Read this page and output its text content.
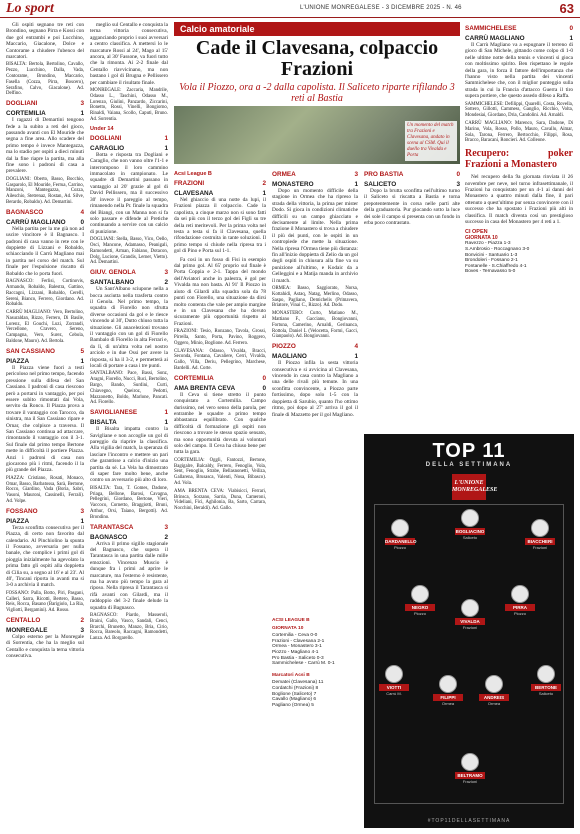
Lo sport	L'UNIONE MONREGALESE - 3 DICEMBRE 2025 - N. 46	63

Gli ospiti segnano tre reti con Brondino, segnano Pirra e Kossi con due gol entrambi e poi Lucchino, Maccario, Giacalone, Dolce e Contorame a chiudere l'ubenco del marcatori.

BISALTA: Bertola, Bertolino, Cavallo, Pezzo, Lucchino, Dalla, Vada, Contorame, Brondino, Maccario, Fasella (Cozza, Pirra, Boscero), Serafino, Calvo, Giacalone). Ad. Delfino.

DOGLIANI	3
CORTEMILIA	1

I ragazzi di Demartini tengono fede a la subito a reti del gioco, passando avanti con El Mouride che segna a fine area. Allo scadere del primo tempo è invece Mantegazza, ma lo stadio per ospiti a dieci minuti dal la fine riapre la partita, ma alla fine sono i padroni di casa a prevalere.

DOGLIANI: Oberto, Basso, Bocchio, Gasparolo, El Mouride, Ferrua, Carrino, Manzoni, Mantegazza, Cozza, Aileschio, Stetrenaz, Rostan, Ad. Silve, Berardo, Robaldo). Ad. Demartini.

BAGNASCO	4
CARRÙ MAGLIANO 0

Nella partita per la me già non ad uscire vincitore è il Bagnasco. I padroni di casa vanno in rete con le doppiette di Lizzani e Robaldo, schiacciando il Carrù Magliano mai in partita nel corso del match. Sul finale per l'espulsione riscatto di Robaldo che lo porta fuori.

BAGNASCO: Ferlisi, Cortinovis, Armando, Robaldo, Balestra, Gattino, Raccagni, Lizzani, Robaldo, Cerelli, Sereni, Bianco, Ferrero, Giordano. Ad. Robaldo.

CARRÙ MAGLIANO: Vero, Bertolino, Nasuraldan, Rizzo, Ferrero, Di Basile, Lorenz, El Gouchi, Luzi, Zorrandi, Vercellone, Cravero, Sereno, Campagna, Vero, Surez, Cebola, Baldone, Mauro). Ad. Bertola.

SAN CASSIANO	5
PIAZZA	1

Il Piazza viene fuori a testi pericoloso nel primo tempo, facendo pressione sulla difesa del San Cassiano. I padroni di casa riescono però a portarsi in vantaggio, per poi essere subito rimontati dai Vola, servito da Ronco. Il Piazza prova a trovare il vantaggio con Tarocco, da sinistra, ma il San Cassiano ripare e Ornar, che colpisce a traverso. Il San Cassiano continua ad attaccare, rimontando il vantaggio con il 3-1. Sul finale dal primo tempo Bertone mette in difficoltà il portiere Piazza. Anzi i padroni di casa non giocarono più i ritmi, facendo il la più grande del Piazza.

PIAZZA: Cristiano, Rosati, Monaco, Omar, Basso, Barbatossa, Sarà, Bertone, Rocco, Giardino, Vada (Boria, Sabri, Vasoni, Mauroni, Cassinelli, Ferrali). Ad. Volpe.

FOSSANO	3
PIAZZA	1

Terza sconfitta consecutiva per il Piazza, di certo non favorito dal calendario. Al Pinchiolino la spunta il Fossano, avversaria per nulla banale, che complice i primi gol di pioggia inizialmente ha agevolato la prima fatto gli ospiti alla doppietta di Cilia su, a segno al 16' e al 23'. Al 40', Tincani riporta in avanti ma si 3-0 a archivia il match.

FOSSANO: Palla, Botto, Piri, Pasgani, Calleri, Sarra, Ricotti, Bertero, Basso, Reis, Rocca, Basano (Barigiolo, La Ria, Vigliotti, Bergamini). Ad. Rosso.

CENTALLO	2
MONREGALE	3

Colpo esterno per la Monregale di Sorrentia, che ha la meglio sul Centallo e conquista la terna vittoria consecutiva.

meglio sul Centallo e conquista la terna vittoria consecutiva, agganciando proprio i suoi avversari a centro classifica. A mettersi lo le marcature Rossi al 24', Mago al 15' ancora, al 30' Fassone, va fuori tutto che la rimonta. Ai 2-2 finale dal Centallo riavvicinano, ma non bastano i gol di Brugna e Pellissero per cambiare il risultato finale.

MONREGALE: Zaccaria, Mandrile, Odasso L., Taschini, Odasso M., Lorenzo, Giulini, Panzardo, Ziccarini, Bonetto, Rossi, Vinelli, Bongiorno, Rinaldi, Vaiana, Scollo, Caputi, Bruno. Ad. Sorrentia.

Under 14
DOGLIANI	1
CARAGLIO	1

Botta e risposta tra Dogliani e Caraglio, che non vanno oltre l'1-1 e interrompono il loro cammino immacolato in campionato. Le squadre di Demartini passano in vantaggio al 20' grazie al gol di David Pellissero, ma il successivo 30' invece il pareggio al tempo, rimanendo nella Pr. finale la squadra del Biangi, con un Manna non si fa solo passare e difende al Pretiche continuando a servire con un calcio di punizione.

DOGLIANI: Stella, Basso, Vico, Oello, Osci, Mancone, Adamasso, Peanigali, Ramondetti, Arman, Fabiano, Dotacon, Dolg, Lucione, Grandis, Lerner, Vietto). Ad. Demartini.

GIUV. GENOLA	3
SANTALBANO	2

Un Sant'Albano sciupone nella a bocca asciutta nella trasferta contro il Genola. Nel primo tempo, la squadra di Fiorello non sfrutta diverse occasioni da gol e le riesce vincendo al 30', Dutto chiuso tutta la situazione. Gli anacelezioni trovano il vantaggio con un gol di Fiorello Bambalo di Fiorello in alta Ferrari e, da lì, di un'altra volta nel nostro arciolo e in due Ossi per avere la risposta, si ha il 3-2, e permetterà ai locali di portare a casa i tre punti.

SANTALBANO: Pace, Bassi, Sonz, Aragni, Fiorello, Nucci, Ruci, Bertolino, Bargo, Bando, Surdini, Curti, Chiavegno, Queiroz, Pedotti, Mazzonetto, Boldo, Marlone, Pancati. Ad. Fiorello.

SAVIGLIANESE	1
BISALTA	1

Il Bisalta impatta contro la Savigliane e non accoglie un gol di pareggio da riaprire la classifica. Alla vigilia del match, la speranza di lasciare l'incontro e mettere un pari che garantisse a calcio d'inizio una partita da sé. La Vela ha dimostrato di saper fare molto bene, anche contro un avversario più alto di loro.

BISALTA: Tara, T. Gomes, Dadone, Priaga, Bellone, Barosi, Cavagna, Pellegrini, Giordano, Bertone, Vieri, Vaccoco, Cornetto, Braggiotti, Bruni, Arthur, Orsi, Taiano, Bergotti). Ad. Brondino.

TARANTASCA	3
BAGNASCO	2

Arriva il primo sigillo stagionale del Bagnasco, che supera il Tarantasca in una partita dalle mille emozioni. Vincenzo Muscio è dunque fra i primi ad aprire le marcature, ma l'esterno è resistente, ma ha avuto più tempo la gara al riposo. Nella ripresa il Tarantasca si rifà avanti con Gilardi, ma il raddoppio del 3-2 finale delude la squadra di Bagnasco.

BAGNASCO: Piardo, Masseroli, Braini, Gallo, Vasco, Sandali, Cenci, Brarchi, Brunetto, Manzo, Bria, Cirio, Rocca, Bareolo, Raccagni, Ramondetti, Lanza. Ad. Borgarello.

Calcio amatoriale
Cade il Clavesana, colpaccio Frazioni
Vola il Piozzo, ora a -2 dalla capolista. Il Saliceto riparte rifilando 3 reti al Bastia
Un momento del match tra Frazioni e Clavesana, andato in scena al CSM. Qui il duello tra Vivalda e Porta
Acsi League B
FRAZIONI	2
CLAVESANA	1

Nel ghiaccio di una notte da lupi, il Frazioni piazza il colpaccio. Cade la capolista, a cinque marzo non si sono fatti da sei più con il terzo gol dei Figli su tre della reti meritevoli. Per la prima volta nel testa a testa si fa il Clavesana, quella rifondazione costruita in tante soluzioni. Il primo tempo si chiude nella ripresa tra i gol di Pino e Porta sul 1-1.

Fa così in un fosso di Fisi in esempio dal primo gol. Al 65' proprio sul finale è Porta Coppia e 2-1. Tappa del mondo dell'Aviatori anche in palestra, è gol per Vivalda ma non basta. Al 91' Il Piozzo in aiuto di Gilardi alla squadra sola da 78 punti con Fiorello, una situazione da dirsi molto contenta che vale per ampio margine e in un Clavesana che ha dovuto sicuramente più opportunità rispetto al Frazioni.

FRAZIONI: Tesio, Ronzano, Tavola, Grossi, Pirrella, Santo, Porta, Pavino, Roggero, Oggero, Minio, Boglione. Ad. Ferrero.

CLAVESANA: Odasso, Vivalda, Bracci, Seconda, Fontana, Cavaliere, Cerri, Vivalda, Gallo, Villa, Deriu, Pellegrino, Marchese, Bardelli. Ad. Corte.

CORTEMILIA	0
AMA BRENTA CEVA	0

Il Ceva si tiene stretto il punto conquistato a Cortemilia. Campo durissimo, nel vero senso della parola, per entrambe le squadre a primo tempo abbastanza equilibrato. Con qualche difficoltà di formazione gli ospiti non riescono a trovare le stesso spazio sensato, ma sono opportunità dovuta ai volontari solo del campo. Il Ceva ha chiuso bene per tutta la gara.

CORTEMILIA: Oggli, Fantozzi, Bertone, Bagigalre, Balcaldy, Ferrero, Fenoglio, Vola, Sent, Fenoglio, Strabe, Bellasnonetti, Veiliza, Gallarena, Brusasca, Valenti, Nosa, Bibasco). Ad. Vola.

AMA BRENTA CEVA: Viabisicci, Ferrari, Brinsca, Sorzano, Sarria, Duna, Cameroni, Videliani, Fici, Aghilonia, Ba, Sarto, Carrara, Nocchini, Beraldi). Ad. Gallo.

ORMEA	3
MONASTERO	1

Dopo un momento difficile della stagione in Ormea che ha ripreso la strada della vittoria, la prima per mister Dodo. Si gioca in condizioni climatiche difficili su un campo ghiacciato e decisamente al limite. Nella prima frazione il Monastero si trova a chiudere il più dei punti, con le ospiti in un contropiede che mette la situazione. Nella ripresa l'Ormea tiene più distanza: fin all'inizio doppietta di Zelio da un gol degli ospiti in chiusura alla fine va su punizione all'ultimo, e Kodaic da a Gelleggini e a Matija manda in archivio il match.

ORMEA: Basso, Saggiorato, Norsa, Kottahidi, Astaq, Natag, Merlino, Odasso, Saspo, Pagliano, Demichelis (Primavera, Briatore, Vinai C., Rizzo). Ad. Dodo.

MONASTERO: Curto, Matiano M., Mattiano F., Gaccianu, Bongiovanni, Fortuna, Camerino, Arnaldi, Gerinanca, Rottola, Daniel L (Velocetta, Formi, Gacci, Gianpaolo). Ad. Bongiovanni.

PIOZZO	4
MAGLIANO	1

Il Piozzo infila la sesta vittoria consecutiva e si avvicina al Clavesana, vincendo in casa contro la Magliano a una delle rivali più temute. In una sconfitta convincente, a Piozzo parte fortissimo, dopo solo 1-5 con la doppietta di Sarubio, quanto l'ho ottimo ritmo, poi dopo al 27' arriva il gol il finale di Mazzetto per il gol Magliano.

ACSI LEAGUE B
GIORNATA 10
Cortemilia - Ceva 0-0
Frazioni - Clavesana 2-1
Ormea - Monastero 3-1
Piozzo - Magliano 4-1
Pro Bastia - Saliceto 0-3
Sammichelese - Carrù M. 0-1
Marcatori Acsi B
Dematei (Clavesana) 11
Cordatchi (Frazioni) 8
Boglione (Saliceto) 7
Cavallo (Magliano) 6
Pagliano (Ormea) 5
PRO BASTIA	0
SALICETO	3

Dopo la brutta sconfitta nell'ultimo turno il Saliceto si riscatta a Bastia e torna prepotentemente in corsa nelle parti alte della graduatoria. Pur giocando sotto la luce dei sole il campo si presenta con un fondo in erba poco contrastato.

SAMMICHELESE	0
CARRÙ MAGLIANO	1

Il Carrù Magliano va a espugnare il terreno di gioco di San Michele, gittando come colpo di 1-0 nelle ultime notte della tennis e vincenti si gioca con moltissimo spirito. Ben rispettano le regole della gara, in forza il fattore dell'importanza che l'hanno visto nella partita dei vincenti Sammichelese che, con il miglior punteggio sulla strada in cui la Francia d'attacco Guerra il tiro supera portiere, che questo assedo difeso a Raffa.

SAMMICHELESE: Defilippi, Quarelli, Costa, Rovella, Sottero, Gillotti, Cammess, Ganglio, Ricchio, Volta, Mondesiai, Giordano, Dria, Candolini. Ad. Arnaldi.

CARRÙ MAGLIANO: Marenco, Sara, Dadone, Di Marino, Vola, Rosso, Pollo, Mauro, Cavallo, Aimar, Sola, Tarona, Ferrero, Bertocchio, Filippi, Rosa, Bracco, Baracani, Roncieri. Ad. Colleone.

Recupero: poker Frazioni a Monastero

Nel recupero della 9a giornata rinviata il 26 novembre per neve, nel turno infrasettimanale, il Frazioni ha conquistato per un 4-1 ai danni del Monastero a quattro minuti dalla fine, il pari ottenuto a quest'ultimo pur senza convincere con il successo che ha spostato i Frazioni più alti in classifica. Il match diventa così un prestigioso successo in casa del Monastero per 4 reti a 1.

CI OPEN
GIORNATA 10
Ravezzo - Piazza 1-3
S.Ambrosio - Roccagnano 3-0
Bonvicini - Santuario 1-3
Brondoleri - Fossano 2-1
Fontanelle - S.Chiaffredo 4-1
Boves - Ternavasso 5-0
TOP 11
DELLA SETTIMANA
L'UNIONE MONREGALESE
DARDANELLO
Piozzo
BOGLIACINO
Saliceto
BIACCHERI
Frazioni
NEGRO
Piozzo
VIVALDA
Frazioni
PIRRA
Piozzo
VIOTTI
Carrù M.
FILIPPI
Ormea
ANDREIS
Ormea
BERTONE
Saliceto
BELTRAMO
Frazioni
#TOP11DELLASETTIMANA
